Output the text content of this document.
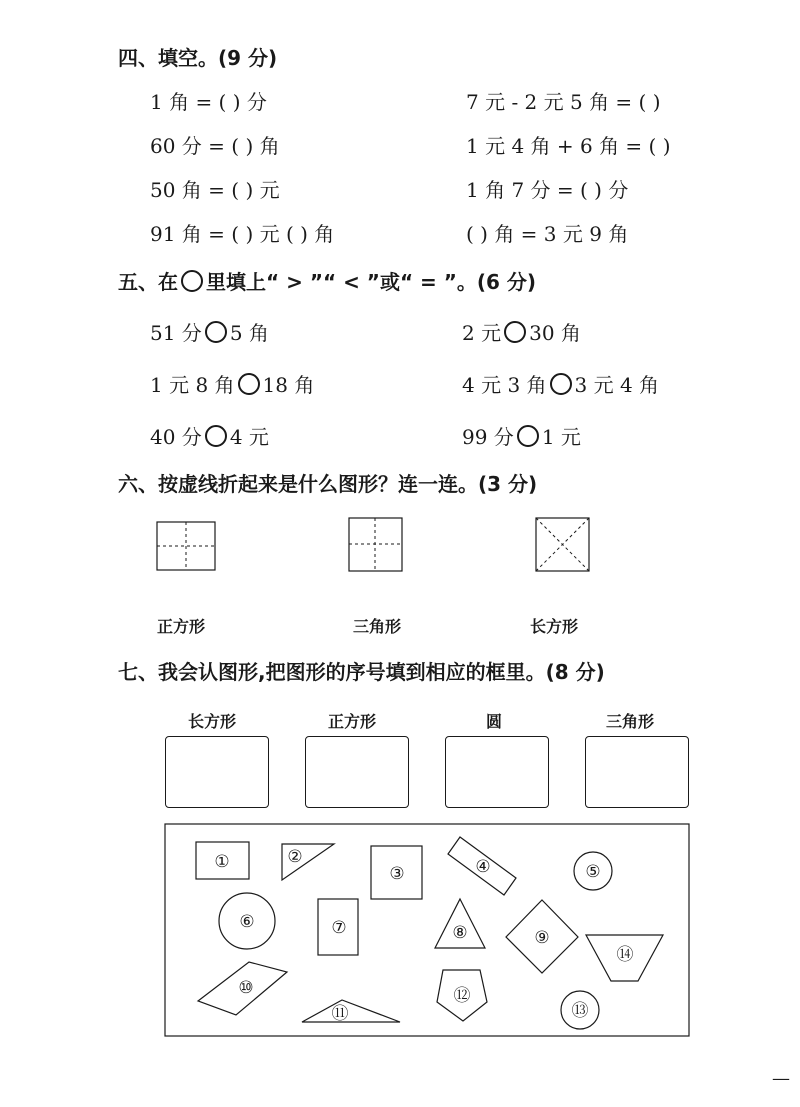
四、填空。(9 分)
1 角 = ( ) 分	7 元 - 2 元 5 角 = ( )
60 分 = ( ) 角	1 元 4 角 + 6 角 = ( )
50 角 = ( ) 元	1 角 7 分 = ( ) 分
91 角 = ( ) 元 ( ) 角	( ) 角 = 3 元 9 角
五、在 里填上“ > ”“ < ”或“ = ”。(6 分)
51 分 5 角	2 元 30 角
1 元 8 角 18 角	4 元 3 角 3 元 4 角
40 分 4 元	99 分 1 元
六、按虚线折起来是什么图形？连一连。(3 分)
①	②
③	④	⑤
⑥	⑦	⑧	⑨
⑩
⑪
⑫
⑬
⑭
正方形	三角形	长方形
七、我会认图形,把图形的序号填到相应的框里。(8 分)
长方形	正方形	圆	三角形
—
